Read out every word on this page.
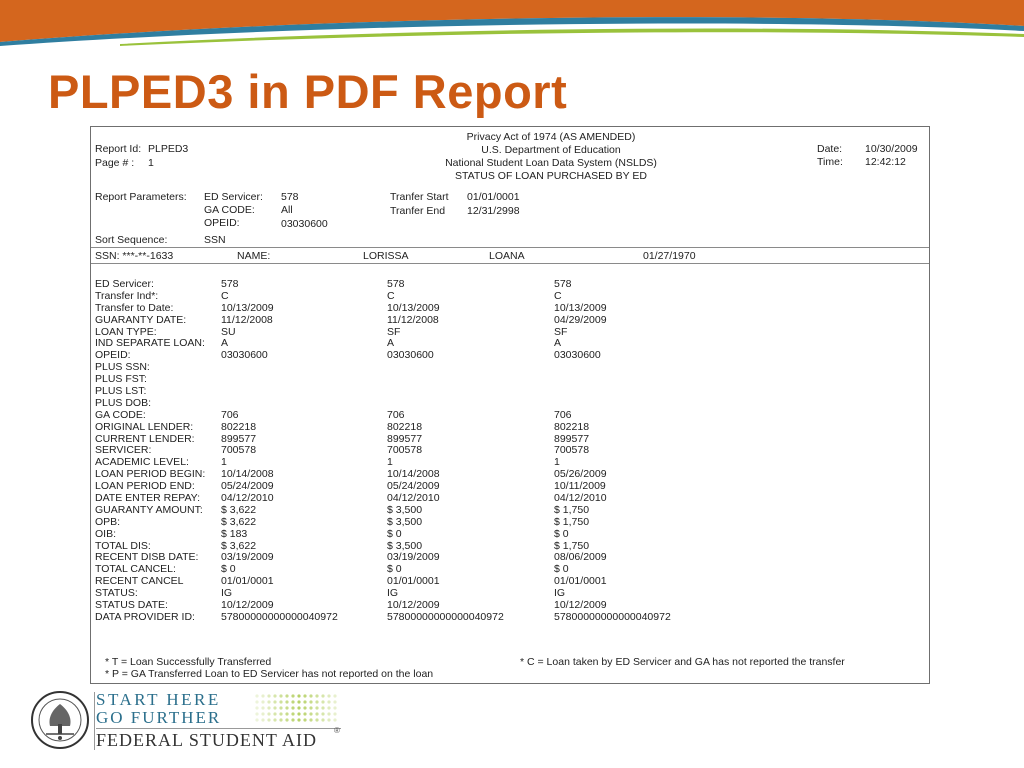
PLPED3 in PDF Report
Report Id: PLPED3
Page # : 1
Privacy Act of 1974 (AS AMENDED)
U.S. Department of Education
National Student Loan Data System (NSLDS)
STATUS OF LOAN PURCHASED BY ED
Date: 10/30/2009
Time: 12:42:12
Report Parameters: ED Servicer: 578
GA CODE: All
OPEID:	03030600
Tranfer Start 01/01/0001
Tranfer End 12/31/2998
Sort Sequence:	SSN
SSN: ***-**-1633	NAME:	LORISSA	LOANA	01/27/1970
ED Servicer:	578	578	578
Transfer Ind*:	C	C	C
Transfer to Date:	10/13/2009	10/13/2009	10/13/2009
GUARANTY DATE:	11/12/2008	11/12/2008	04/29/2009
LOAN TYPE:	SU	SF	SF
IND SEPARATE LOAN: A	A	A
OPEID:	03030600	03030600	03030600
PLUS SSN:
PLUS FST:
PLUS LST:
PLUS DOB:
GA CODE:	706	706	706
ORIGINAL LENDER:	802218	802218	802218
CURRENT LENDER:	899577	899577	899577
SERVICER:	700578	700578	700578
ACADEMIC LEVEL:	1	1	1
LOAN PERIOD BEGIN: 10/14/2008	10/14/2008	05/26/2009
LOAN PERIOD END: 05/24/2009	05/24/2009	10/11/2009
DATE ENTER REPAY: 04/12/2010	04/12/2010	04/12/2010
GUARANTY AMOUNT: $ 3,622	$ 3,500	$ 1,750
OPB:	$ 3,622	$ 3,500	$ 1,750
OIB:	$ 183	$ 0	$ 0
TOTAL DIS:	$ 3,622	$ 3,500	$ 1,750
RECENT DISB DATE: 03/19/2009	03/19/2009	08/06/2009
TOTAL CANCEL:	$ 0	$ 0	$ 0
RECENT CANCEL	01/01/0001	01/01/0001	01/01/0001
STATUS:	IG	IG	IG
STATUS DATE:	10/12/2009	10/12/2009	10/12/2009
DATA PROVIDER ID: 57800000000000040972	57800000000000040972	57800000000000040972
* T = Loan Successfully Transferred
* P = GA Transferred Loan to ED Servicer has not reported on the loan
* C = Loan taken by ED Servicer and GA has not reported the transfer
START HERE
GO FURTHER
FEDERAL STUDENT AID ®
